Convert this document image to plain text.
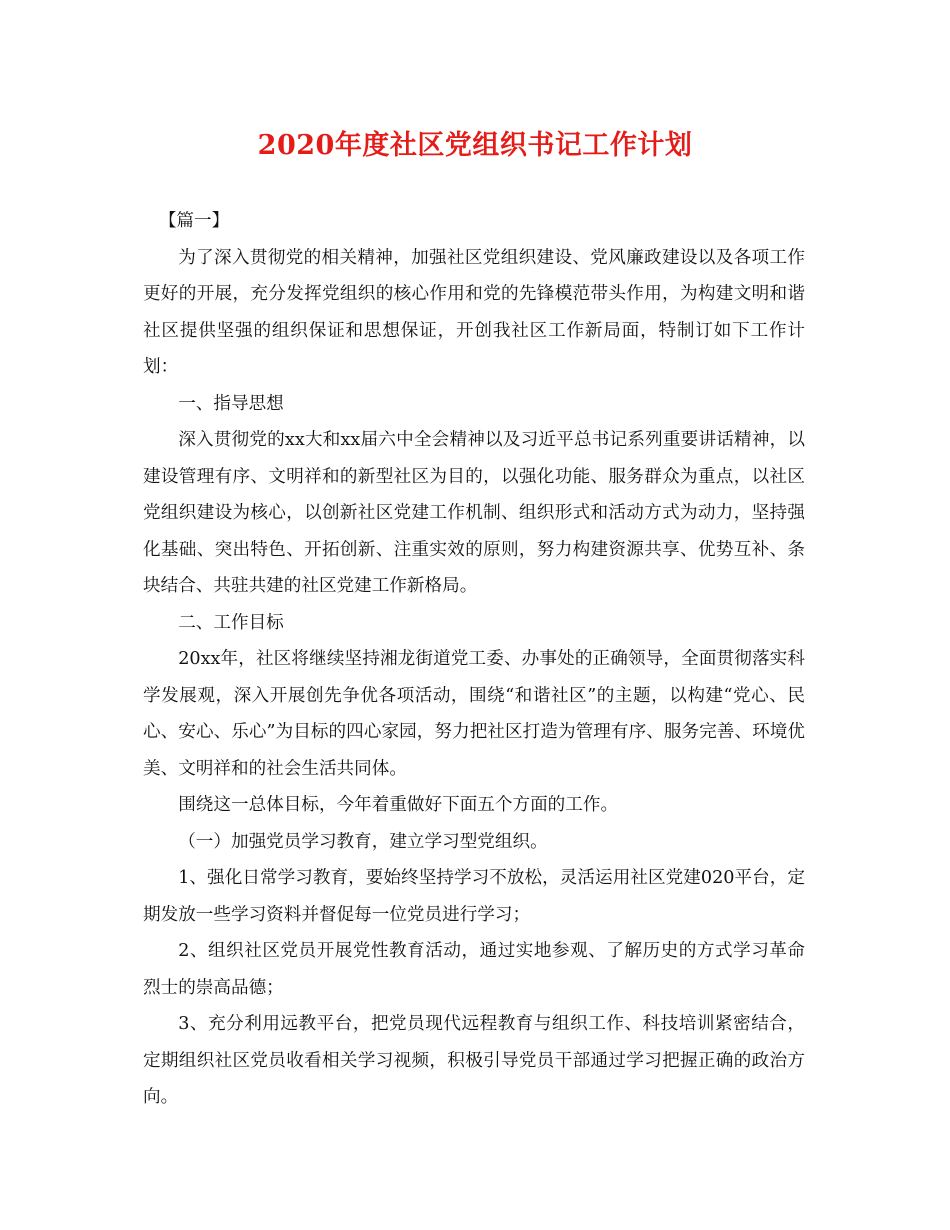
2020年度社区党组织书记工作计划

【篇一】

为了深入贯彻党的相关精神，加强社区党组织建设、党风廉政建设以及各项工作更好的开展，充分发挥党组织的核心作用和党的先锋模范带头作用，为构建文明和谐社区提供坚强的组织保证和思想保证，开创我社区工作新局面，特制订如下工作计划：

一、指导思想

深入贯彻党的xx大和xx届六中全会精神以及习近平总书记系列重要讲话精神，以建设管理有序、文明祥和的新型社区为目的，以强化功能、服务群众为重点，以社区党组织建设为核心，以创新社区党建工作机制、组织形式和活动方式为动力，坚持强化基础、突出特色、开拓创新、注重实效的原则，努力构建资源共享、优势互补、条块结合、共驻共建的社区党建工作新格局。

二、工作目标

20xx年，社区将继续坚持湘龙街道党工委、办事处的正确领导，全面贯彻落实科学发展观，深入开展创先争优各项活动，围绕“和谐社区”的主题，以构建“党心、民心、安心、乐心”为目标的四心家园，努力把社区打造为管理有序、服务完善、环境优美、文明祥和的社会生活共同体。

围绕这一总体目标，今年着重做好下面五个方面的工作。

（一）加强党员学习教育，建立学习型党组织。

1、强化日常学习教育，要始终坚持学习不放松，灵活运用社区党建020平台，定期发放一些学习资料并督促每一位党员进行学习；

2、组织社区党员开展党性教育活动，通过实地参观、了解历史的方式学习革命烈士的崇高品德；

3、充分利用远教平台，把党员现代远程教育与组织工作、科技培训紧密结合，定期组织社区党员收看相关学习视频，积极引导党员干部通过学习把握正确的政治方向。
